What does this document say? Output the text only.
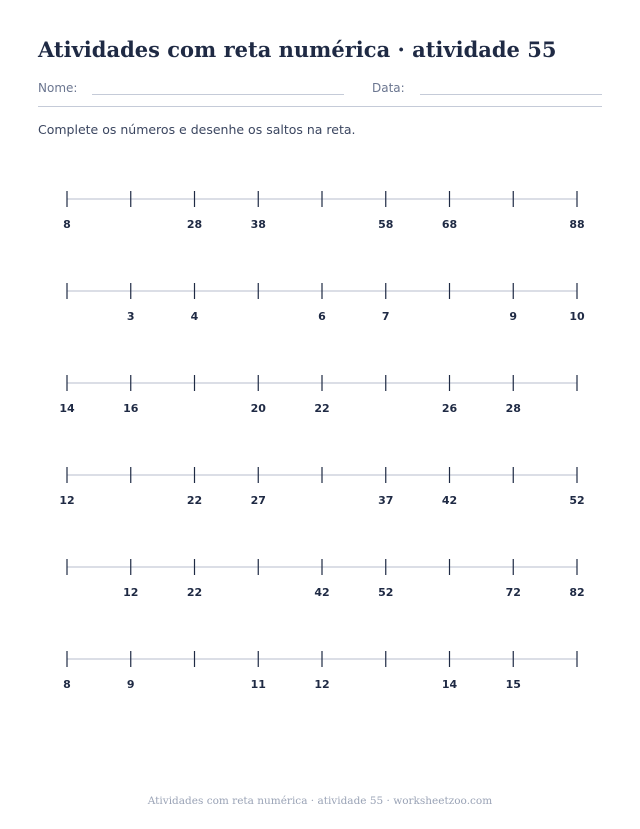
Atividades com reta numérica · atividade 55
Nome:	Data:
Complete os números e desenhe os saltos na reta.
8	28	38	58	68	88
3	4	6	7	9	10
14	16	20	22	26	28
12	22	27	37	42	52
12	22	42	52	72	82
8	9	11	12	14	15
Atividades com reta numérica · atividade 55 · worksheetzoo.com
